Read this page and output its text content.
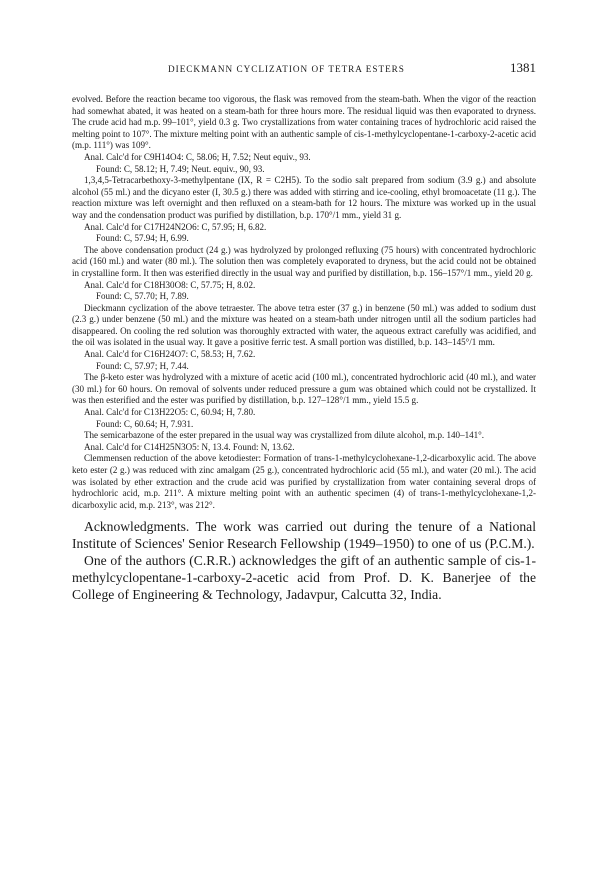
DIECKMANN CYCLIZATION OF TETRA ESTERS	1381

evolved. Before the reaction became too vigorous, the flask was removed from the steam-bath. When the vigor of the reaction had somewhat abated, it was heated on a steam-bath for three hours more. The residual liquid was then evaporated to dryness. The crude acid had m.p. 99–101°, yield 0.3 g. Two crystallizations from water containing traces of hydrochloric acid raised the melting point to 107°. The mixture melting point with an authentic sample of cis-1-methylcyclopentane-1-carboxy-2-acetic acid (m.p. 111°) was 109°.

Anal. Calc'd for C9H14O4: C, 58.06; H, 7.52; Neut equiv., 93.

Found: C, 58.12; H, 7.49; Neut. equiv., 90, 93.

1,3,4,5-Tetracarbethoxy-3-methylpentane (IX, R = C2H5). To the sodio salt prepared from sodium (3.9 g.) and absolute alcohol (55 ml.) and the dicyano ester (I, 30.5 g.) there was added with stirring and ice-cooling, ethyl bromoacetate (11 g.). The reaction mixture was left overnight and then refluxed on a steam-bath for 12 hours. The mixture was worked up in the usual way and the condensation product was purified by distillation, b.p. 170°/1 mm., yield 31 g.

Anal. Calc'd for C17H24N2O6: C, 57.95; H, 6.82.

Found: C, 57.94; H, 6.99.

The above condensation product (24 g.) was hydrolyzed by prolonged refluxing (75 hours) with concentrated hydrochloric acid (160 ml.) and water (80 ml.). The solution then was completely evaporated to dryness, but the acid could not be obtained in crystalline form. It then was esterified directly in the usual way and purified by distillation, b.p. 156–157°/1 mm., yield 20 g.

Anal. Calc'd for C18H30O8: C, 57.75; H, 8.02.

Found: C, 57.70; H, 7.89.

Dieckmann cyclization of the above tetraester. The above tetra ester (37 g.) in benzene (50 ml.) was added to sodium dust (2.3 g.) under benzene (50 ml.) and the mixture was heated on a steam-bath under nitrogen until all the sodium particles had disappeared. On cooling the red solution was thoroughly extracted with water, the aqueous extract carefully was acidified, and the oil was isolated in the usual way. It gave a positive ferric test. A small portion was distilled, b.p. 143–145°/1 mm.

Anal. Calc'd for C16H24O7: C, 58.53; H, 7.62.

Found: C, 57.97; H, 7.44.

The β-keto ester was hydrolyzed with a mixture of acetic acid (100 ml.), concentrated hydrochloric acid (40 ml.), and water (30 ml.) for 60 hours. On removal of solvents under reduced pressure a gum was obtained which could not be crystallized. It was then esterified and the ester was purified by distillation, b.p. 127–128°/1 mm., yield 15.5 g.

Anal. Calc'd for C13H22O5: C, 60.94; H, 7.80.

Found: C, 60.64; H, 7.931.

The semicarbazone of the ester prepared in the usual way was crystallized from dilute alcohol, m.p. 140–141°.

Anal. Calc'd for C14H25N3O5: N, 13.4. Found: N, 13.62.

Clemmensen reduction of the above ketodiester: Formation of trans-1-methylcyclohexane-1,2-dicarboxylic acid. The above keto ester (2 g.) was reduced with zinc amalgam (25 g.), concentrated hydrochloric acid (55 ml.), and water (20 ml.). The acid was isolated by ether extraction and the crude acid was purified by crystallization from water containing several drops of hydrochloric acid, m.p. 211°. A mixture melting point with an authentic specimen (4) of trans-1-methylcyclohexane-1,2-dicarboxylic acid, m.p. 213°, was 212°.

Acknowledgments. The work was carried out during the tenure of a National Institute of Sciences' Senior Research Fellowship (1949–1950) to one of us (P.C.M.).

One of the authors (C.R.R.) acknowledges the gift of an authentic sample of cis-1-methylcyclopentane-1-carboxy-2-acetic acid from Prof. D. K. Banerjee of the College of Engineering & Technology, Jadavpur, Calcutta 32, India.
